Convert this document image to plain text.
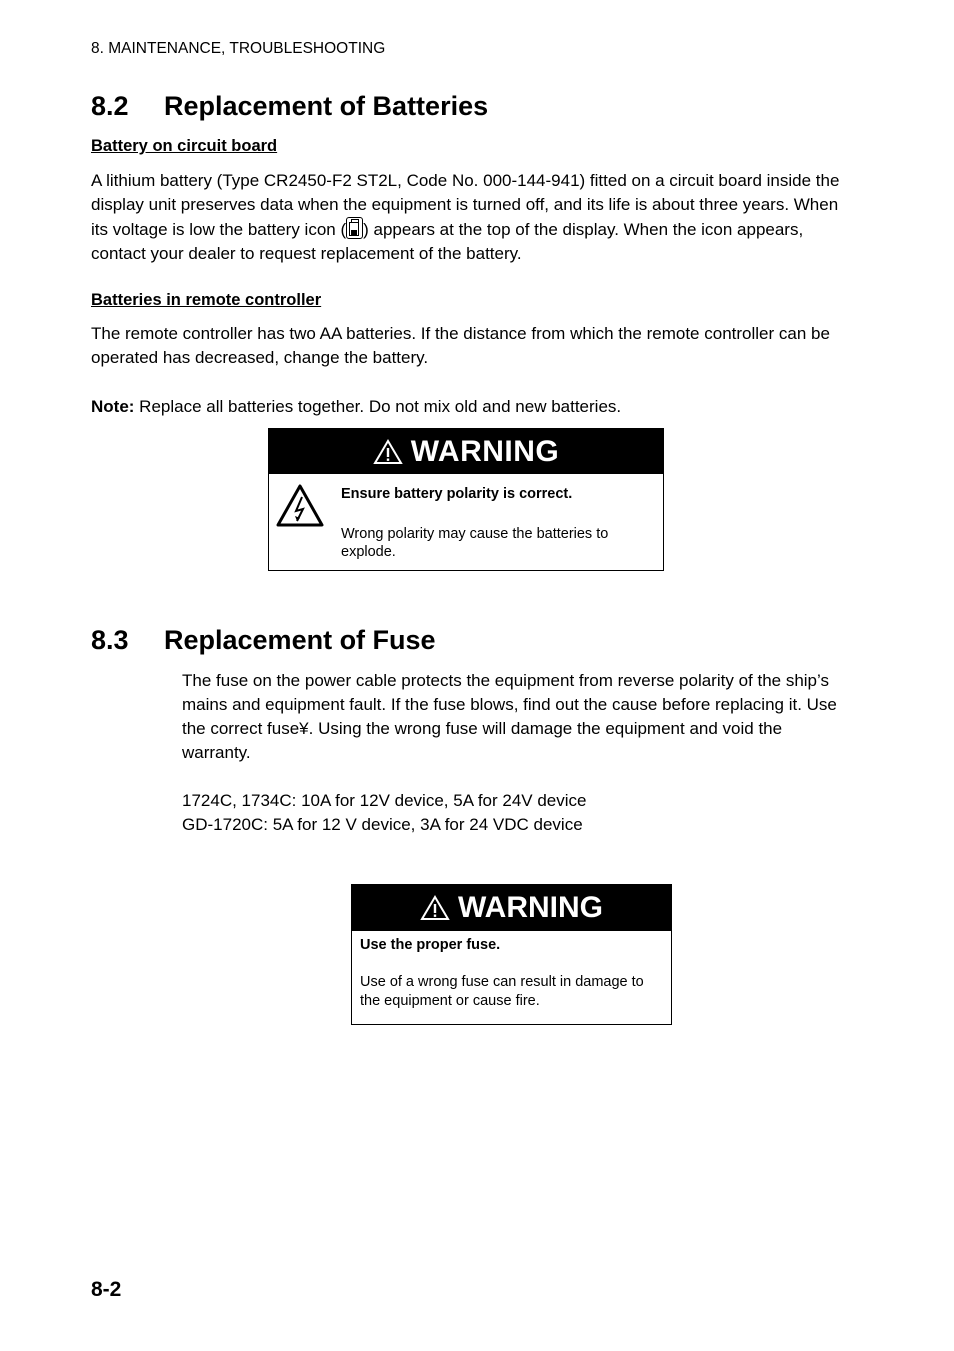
8. MAINTENANCE, TROUBLESHOOTING
8.2 Replacement of Batteries
Battery on circuit board

A lithium battery (Type CR2450-F2 ST2L, Code No. 000-144-941) fitted on a circuit board inside the display unit preserves data when the equipment is turned off, and its life is about three years. When its voltage is low the battery icon ( ) appears at the top of the display. When the icon appears, contact your dealer to request replacement of the battery.

Batteries in remote controller

The remote controller has two AA batteries. If the distance from which the remote controller can be operated has decreased, change the battery.

Note: Replace all batteries together. Do not mix old and new batteries.

WARNING
Ensure battery polarity is correct.
Wrong polarity may cause the batteries to explode.
8.3 Replacement of Fuse

The fuse on the power cable protects the equipment from reverse polarity of the ship’s mains and equipment fault. If the fuse blows, find out the cause before replacing it. Use the correct fuse¥. Using the wrong fuse will damage the equipment and void the warranty.

1724C, 1734C: 10A for 12V device, 5A for 24V device

GD-1720C: 5A for 12 V device, 3A for 24 VDC device

WARNING
Use the proper fuse.
Use of a wrong fuse can result in damage to the equipment or cause fire.
8-2
